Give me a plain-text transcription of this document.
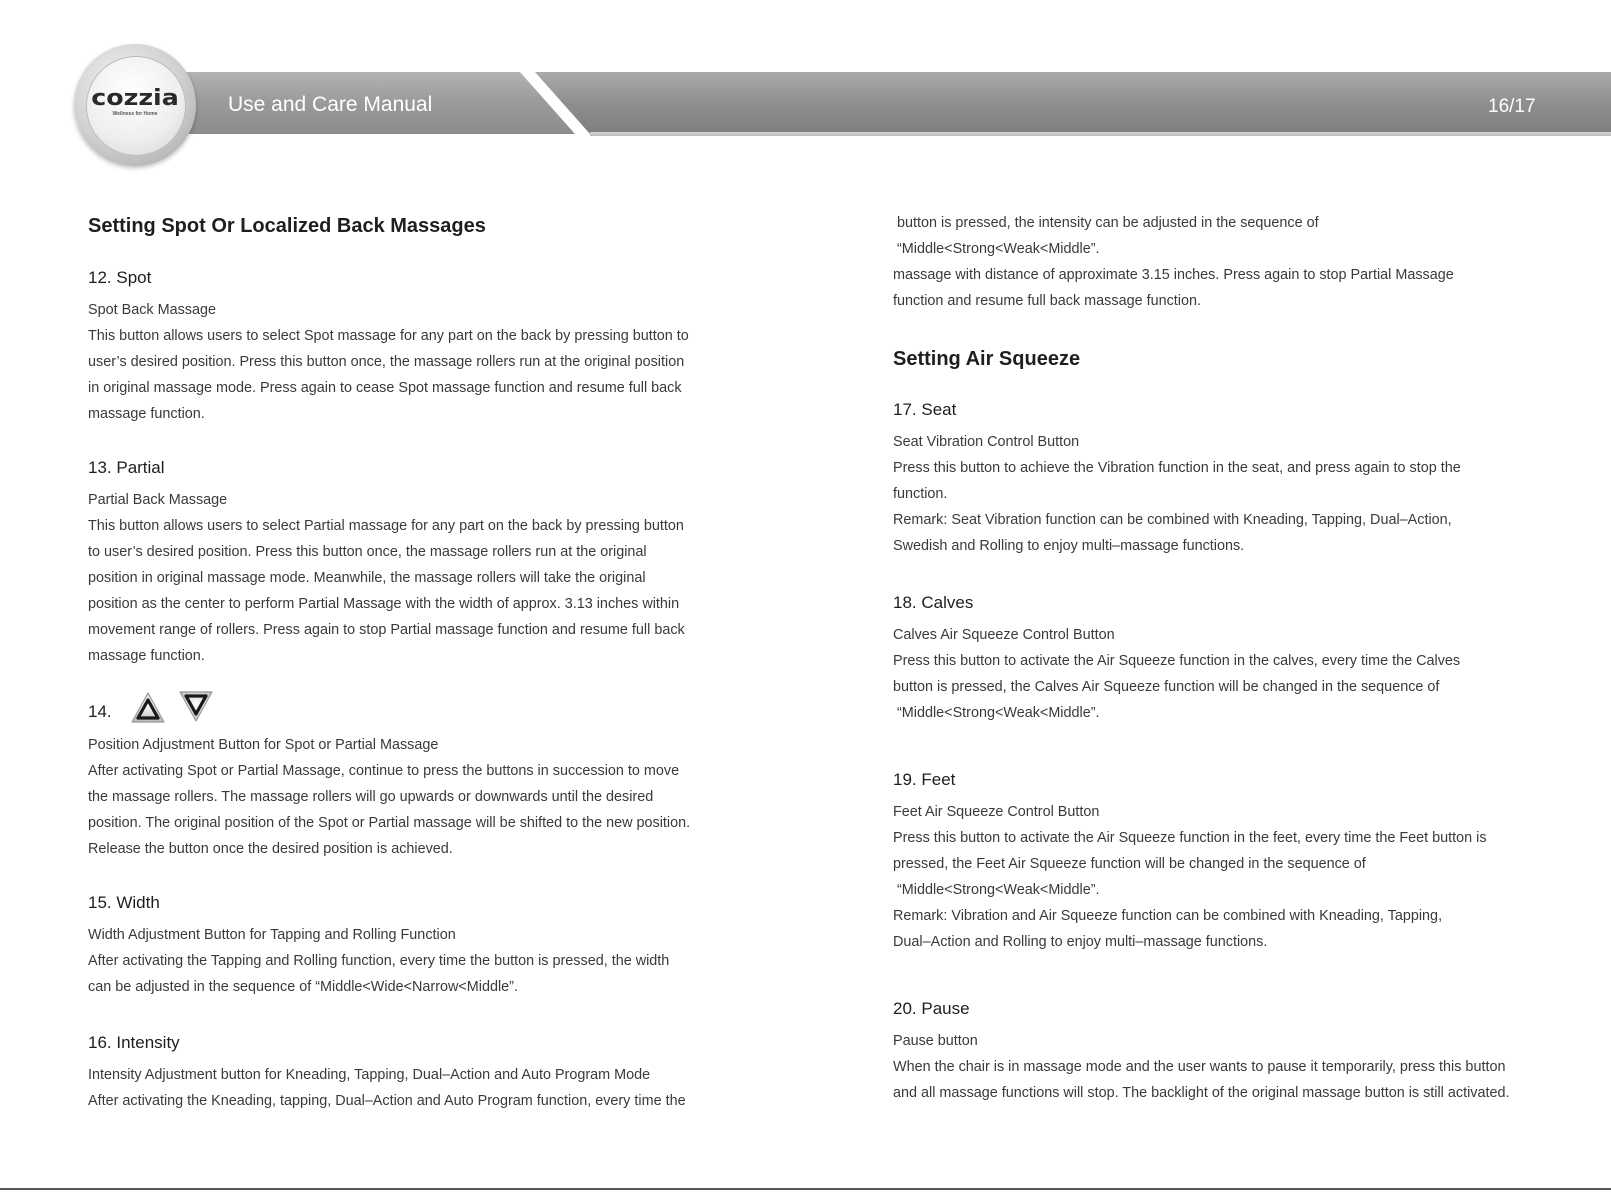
cozzia
Wellness for Home	Use and Care Manual	16/17
Setting Spot Or Localized Back Massages
12. Spot
Spot Back Massage
This button allows users to select Spot massage for any part on the back by pressing button to
user’s desired position. Press this button once, the massage rollers run at the original position
in original massage mode. Press again to cease Spot massage function and resume full back
massage function.
13. Partial
Partial Back Massage
This button allows users to select Partial massage for any part on the back by pressing button
to user’s desired position. Press this button once, the massage rollers run at the original
position in original massage mode. Meanwhile, the massage rollers will take the original
position as the center to perform Partial Massage with the width of approx. 3.13 inches within
movement range of rollers. Press again to stop Partial massage function and resume full back
massage function.
14.
Position Adjustment Button for Spot or Partial Massage
After activating Spot or Partial Massage, continue to press the buttons in succession to move
the massage rollers. The massage rollers will go upwards or downwards until the desired
position. The original position of the Spot or Partial massage will be shifted to the new position.
Release the button once the desired position is achieved.
15. Width
Width Adjustment Button for Tapping and Rolling Function
After activating the Tapping and Rolling function, every time the button is pressed, the width
can be adjusted in the sequence of “Middle<Wide<Narrow<Middle”.
16. Intensity
Intensity Adjustment button for Kneading, Tapping, Dual–Action and Auto Program Mode
After activating the Kneading, tapping, Dual–Action and Auto Program function, every time the
button is pressed, the intensity can be adjusted in the sequence of
“Middle<Strong<Weak<Middle”.
massage with distance of approximate 3.15 inches. Press again to stop Partial Massage
function and resume full back massage function.
Setting Air Squeeze
17. Seat
Seat Vibration Control Button
Press this button to achieve the Vibration function in the seat, and press again to stop the
function.
Remark: Seat Vibration function can be combined with Kneading, Tapping, Dual–Action,
Swedish and Rolling to enjoy multi–massage functions.
18. Calves
Calves Air Squeeze Control Button
Press this button to activate the Air Squeeze function in the calves, every time the Calves
button is pressed, the Calves Air Squeeze function will be changed in the sequence of
“Middle<Strong<Weak<Middle”.
19. Feet
Feet Air Squeeze Control Button
Press this button to activate the Air Squeeze function in the feet, every time the Feet button is
pressed, the Feet Air Squeeze function will be changed in the sequence of
“Middle<Strong<Weak<Middle”.
Remark: Vibration and Air Squeeze function can be combined with Kneading, Tapping,
Dual–Action and Rolling to enjoy multi–massage functions.
20. Pause
Pause button
When the chair is in massage mode and the user wants to pause it temporarily, press this button
and all massage functions will stop. The backlight of the original massage button is still activated.
